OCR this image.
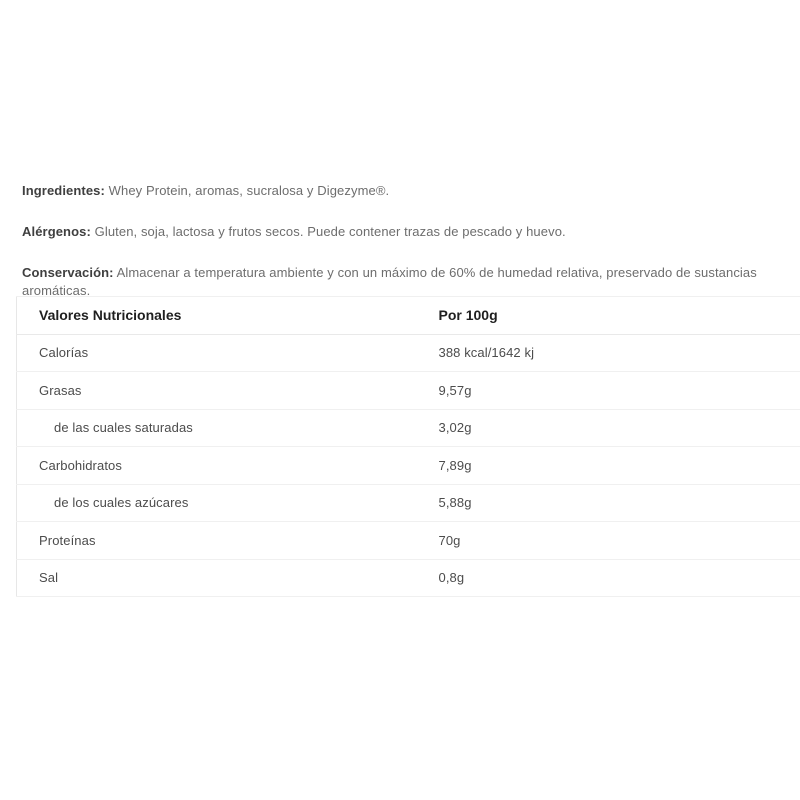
Ingredientes: Whey Protein, aromas, sucralosa y Digezyme®.

Alérgenos: Gluten, soja, lactosa y frutos secos. Puede contener trazas de pescado y huevo.

Conservación: Almacenar a temperatura ambiente y con un máximo de 60% de humedad relativa, preservado de sustancias aromáticas.

Valores Nutricionales	Por 100g
Calorías	388 kcal/1642 kj
Grasas	9,57g
de las cuales saturadas	3,02g
Carbohidratos	7,89g
de los cuales azúcares	5,88g
Proteínas	70g
Sal	0,8g
